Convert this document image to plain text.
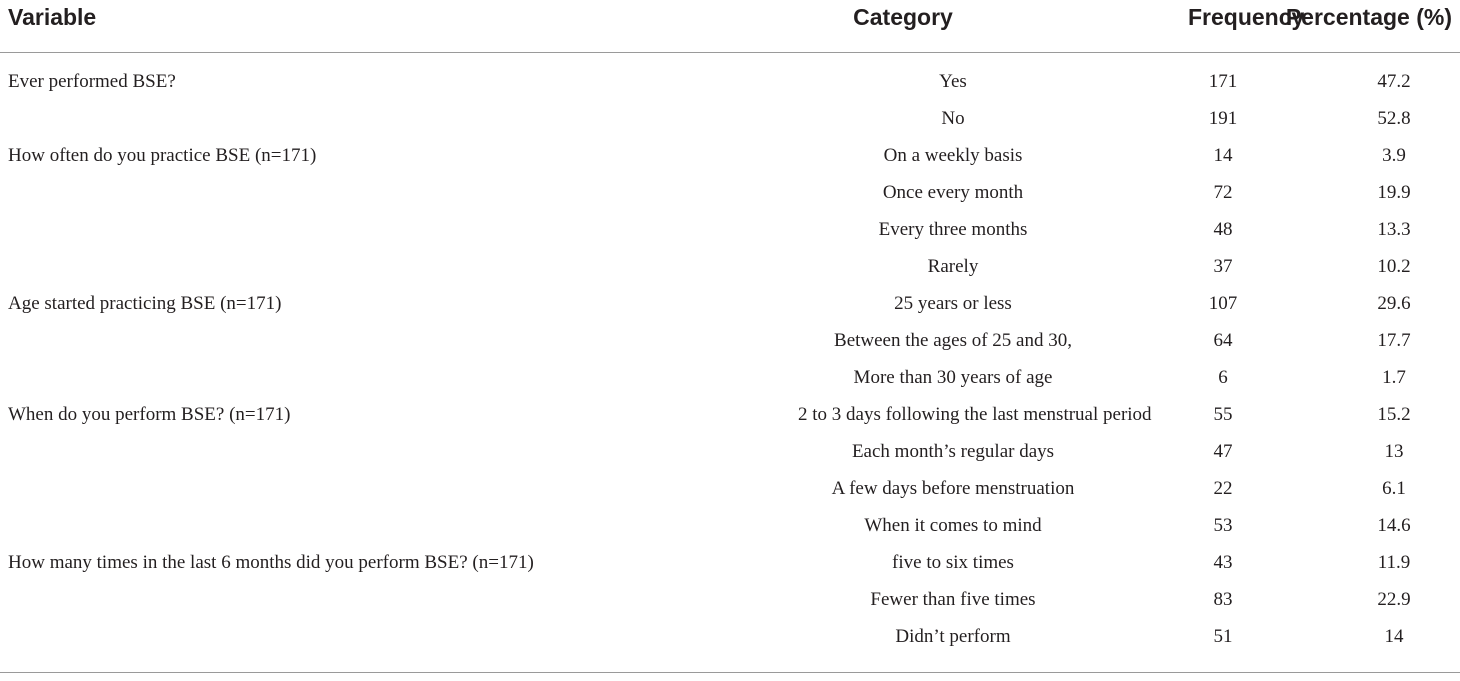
Variable	Category	Frequency	Percentage (%)
Ever performed BSE?	Yes	171	47.2
	No	191	52.8
How often do you practice BSE (n=171)	On a weekly basis	14	3.9
	Once every month	72	19.9
	Every three months	48	13.3
	Rarely	37	10.2
Age started practicing BSE (n=171)	25 years or less	107	29.6
	Between the ages of 25 and 30,	64	17.7
	More than 30 years of age	6	1.7
When do you perform BSE? (n=171)	2 to 3 days following the last menstrual period	55	15.2
	Each month’s regular days	47	13
	A few days before menstruation	22	6.1
	When it comes to mind	53	14.6
How many times in the last 6 months did you perform BSE? (n=171)	five to six times	43	11.9
	Fewer than five times	83	22.9
	Didn’t perform	51	14
